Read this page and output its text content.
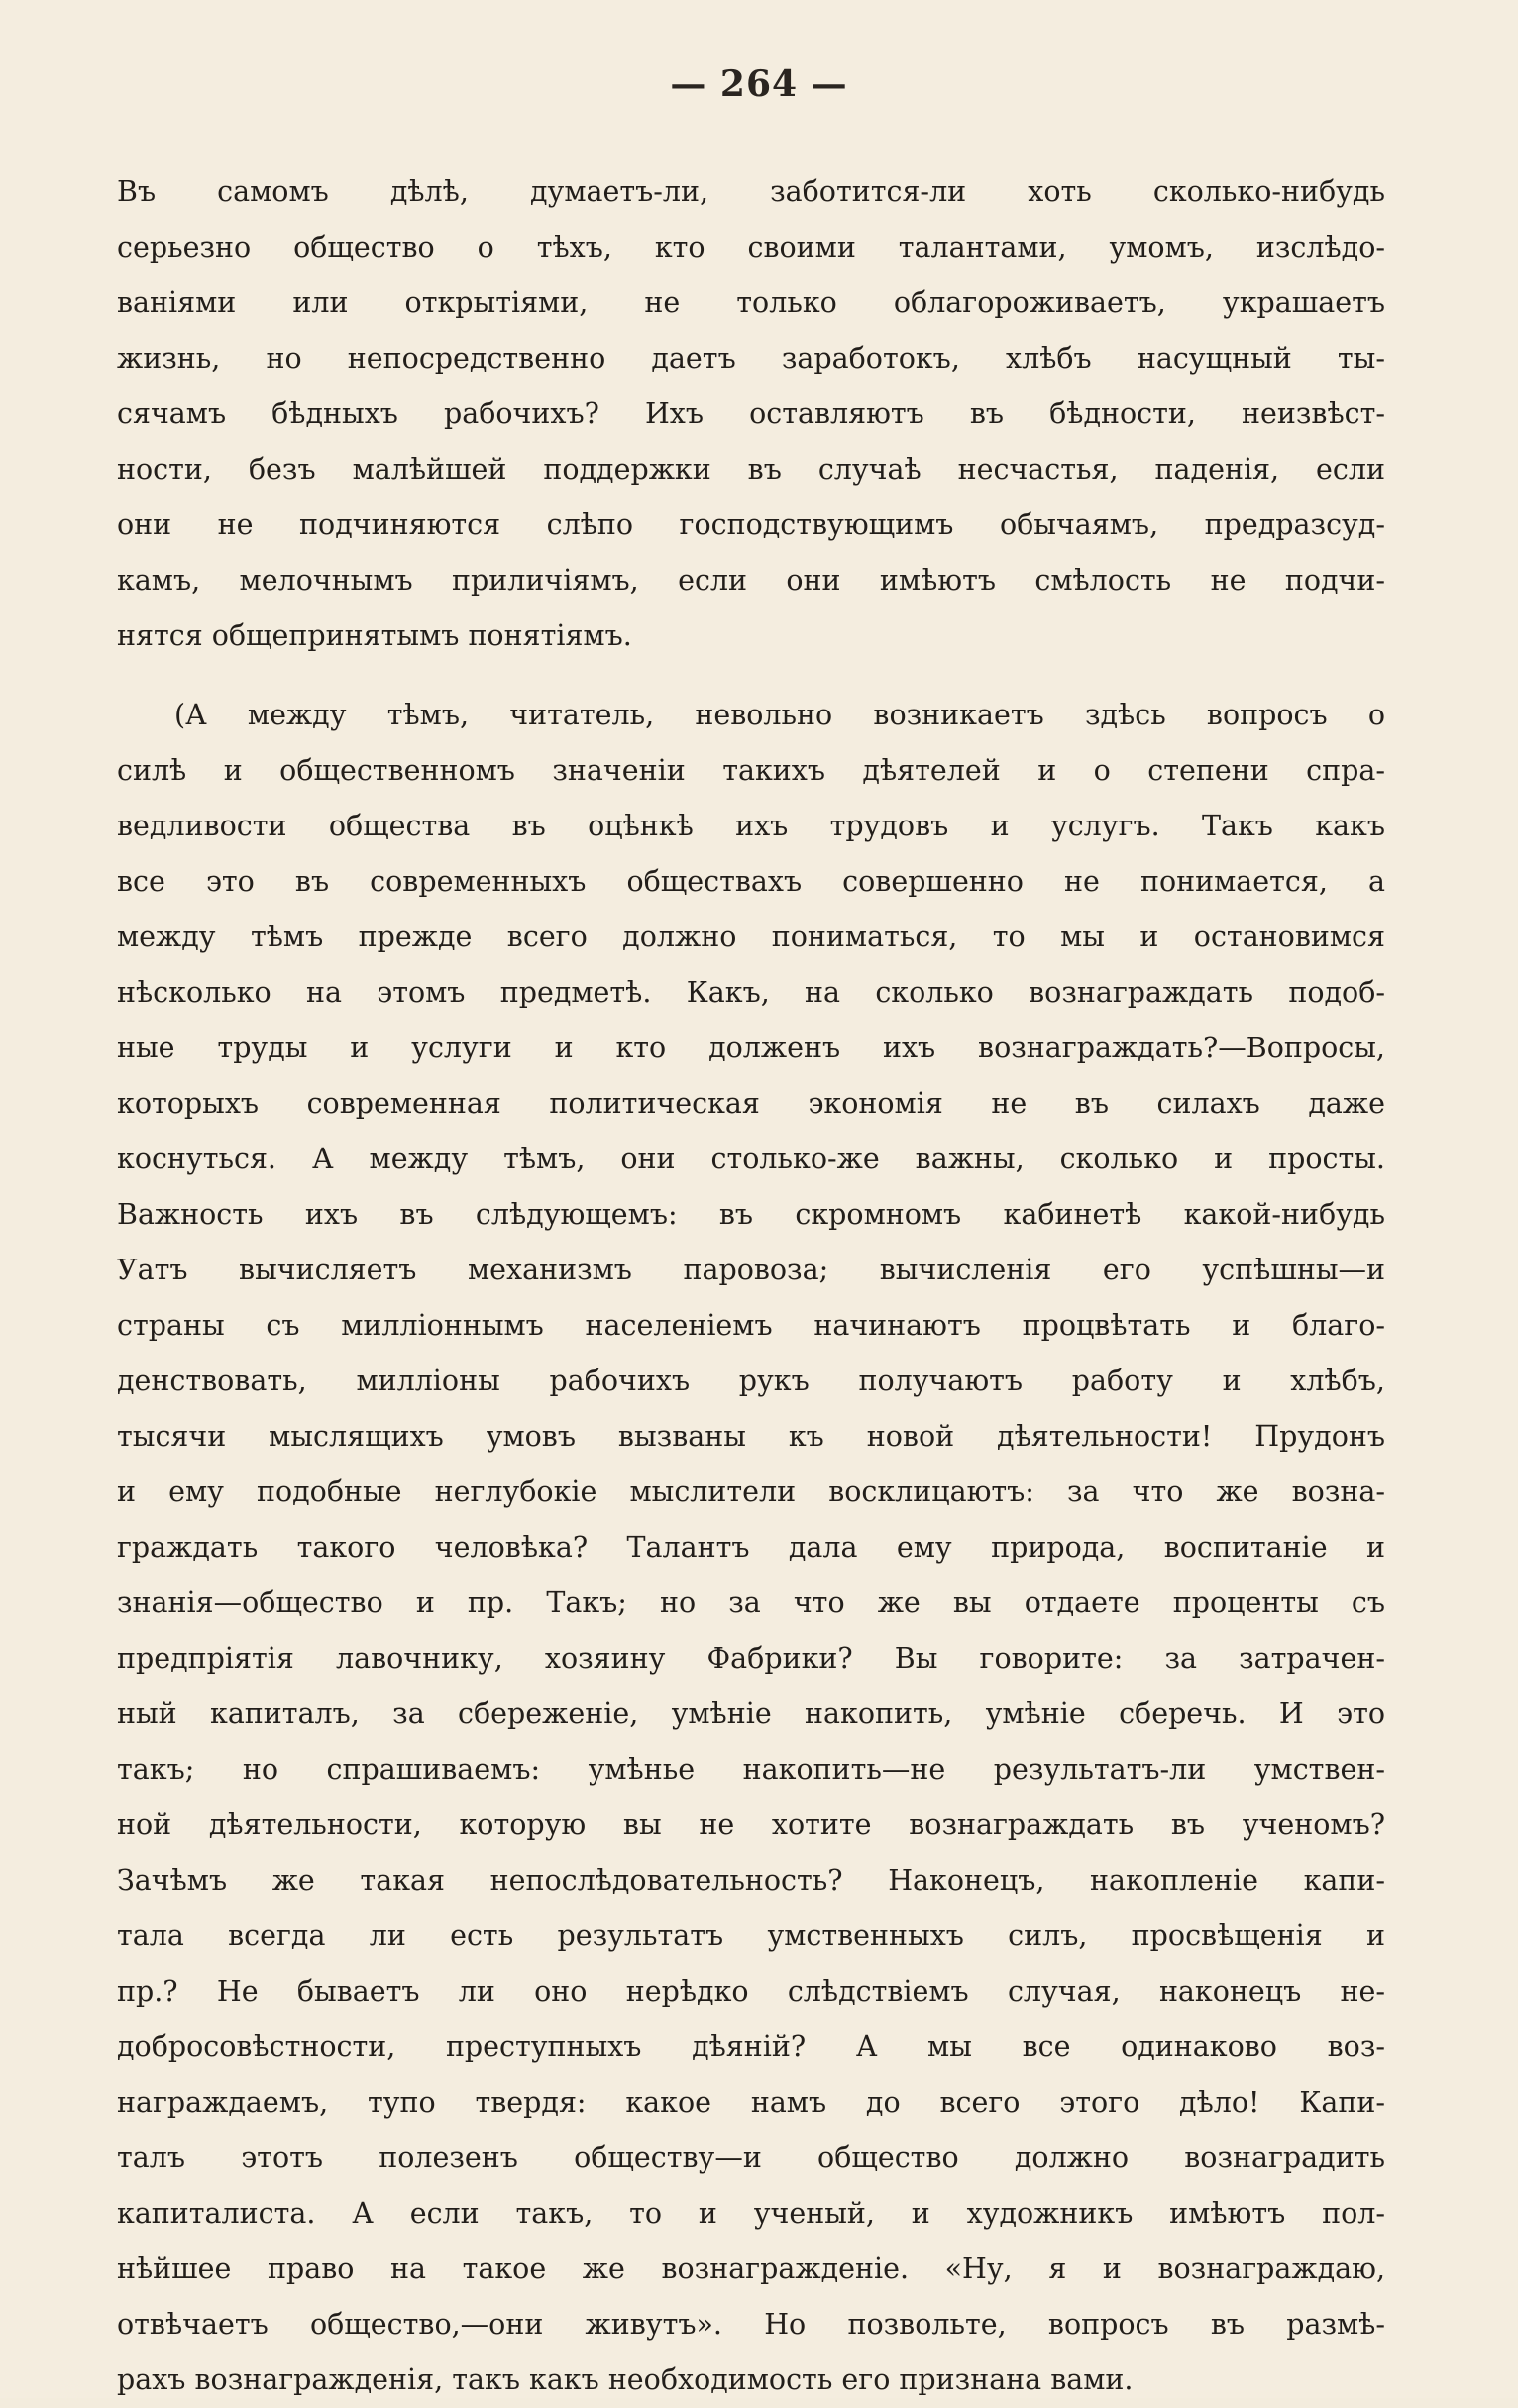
— 264 —
Въ самомъ дѣлѣ, думаетъ-ли, заботится-ли хоть сколько-нибудь
серьезно общество о тѣхъ, кто своими талантами, умомъ, изслѣдо-
ваніями или открытіями, не только облагороживаетъ, украшаетъ
жизнь, но непосредственно даетъ заработокъ, хлѣбъ насущный ты-
сячамъ бѣдныхъ рабочихъ? Ихъ оставляютъ въ бѣдности, неизвѣст-
ности, безъ малѣйшей поддержки въ случаѣ несчастья, паденія, если
они не подчиняются слѣпо господствующимъ обычаямъ, предразсуд-
камъ, мелочнымъ приличіямъ, если они имѣютъ смѣлость не подчи-
нятся общепринятымъ понятіямъ.
(А между тѣмъ, читатель, невольно возникаетъ здѣсь вопросъ о
силѣ и общественномъ значеніи такихъ дѣятелей и о степени спра-
ведливости общества въ оцѣнкѣ ихъ трудовъ и услугъ. Такъ какъ
все это въ современныхъ обществахъ совершенно не понимается, а
между тѣмъ прежде всего должно пониматься, то мы и остановимся
нѣсколько на этомъ предметѣ. Какъ, на сколько вознаграждать подоб-
ные труды и услуги и кто долженъ ихъ вознаграждать?—Вопросы,
которыхъ современная политическая экономія не въ силахъ даже
коснуться. А между тѣмъ, они столько-же важны, сколько и просты.
Важность ихъ въ слѣдующемъ: въ скромномъ кабинетѣ какой-нибудь
Уатъ вычисляетъ механизмъ паровоза; вычисленія его успѣшны—и
страны съ милліоннымъ населеніемъ начинаютъ процвѣтать и благо-
денствовать, милліоны рабочихъ рукъ получаютъ работу и хлѣбъ,
тысячи мыслящихъ умовъ вызваны къ новой дѣятельности! Прудонъ
и ему подобные неглубокіе мыслители восклицаютъ: за что же возна-
граждать такого человѣка? Талантъ дала ему природа, воспитаніе и
знанія—общество и пр. Такъ; но за что же вы отдаете проценты съ
предпріятія лавочнику, хозяину Фабрики? Вы говорите: за затрачен-
ный капиталъ, за сбереженіе, умѣніе накопить, умѣніе сберечь. И это
такъ; но спрашиваемъ: умѣнье накопить—не результатъ-ли умствен-
ной дѣятельности, которую вы не хотите вознаграждать въ ученомъ?
Зачѣмъ же такая непослѣдовательность? Наконецъ, накопленіе капи-
тала всегда ли есть результатъ умственныхъ силъ, просвѣщенія и
пр.? Не бываетъ ли оно нерѣдко слѣдствіемъ случая, наконецъ не-
добросовѣстности, преступныхъ дѣяній? А мы все одинаково воз-
награждаемъ, тупо твердя: какое намъ до всего этого дѣло! Капи-
талъ этотъ полезенъ обществу—и общество должно вознаградить
капиталиста. А если такъ, то и ученый, и художникъ имѣютъ пол-
нѣйшее право на такое же вознагражденіе. «Ну, я и вознаграждаю,
отвѣчаетъ общество,—они живутъ». Но позвольте, вопросъ въ размѣ-
рахъ вознагражденія, такъ какъ необходимость его признана вами.
